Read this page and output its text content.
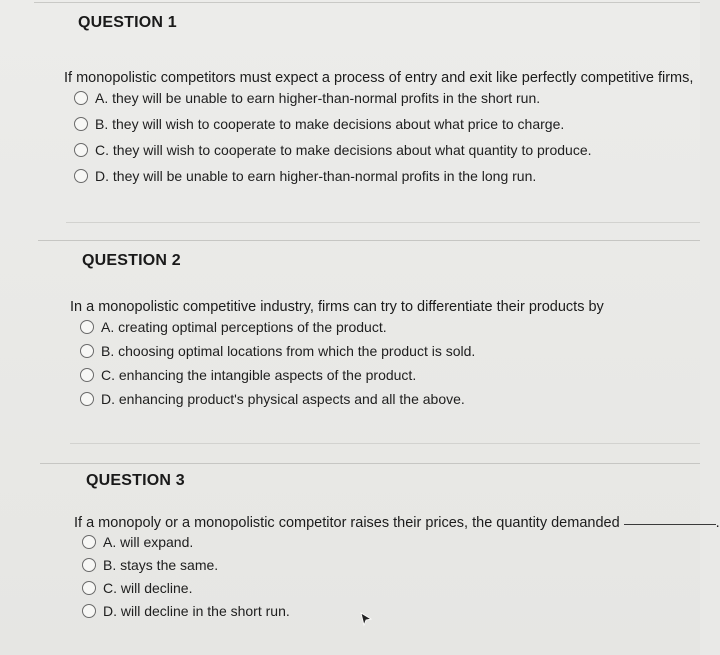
QUESTION 1
If monopolistic competitors must expect a process of entry and exit like perfectly competitive firms,
A. they will be unable to earn higher-than-normal profits in the short run.
B. they will wish to cooperate to make decisions about what price to charge.
C. they will wish to cooperate to make decisions about what quantity to produce.
D. they will be unable to earn higher-than-normal profits in the long run.
QUESTION 2
In a monopolistic competitive industry, firms can try to differentiate their products by
A. creating optimal perceptions of the product.
B. choosing optimal locations from which the product is sold.
C. enhancing the intangible aspects of the product.
D. enhancing product's physical aspects and all the above.
QUESTION 3
If a monopoly or a monopolistic competitor raises their prices, the quantity demanded	.
A. will expand.
B. stays the same.
C. will decline.
D. will decline in the short run.
